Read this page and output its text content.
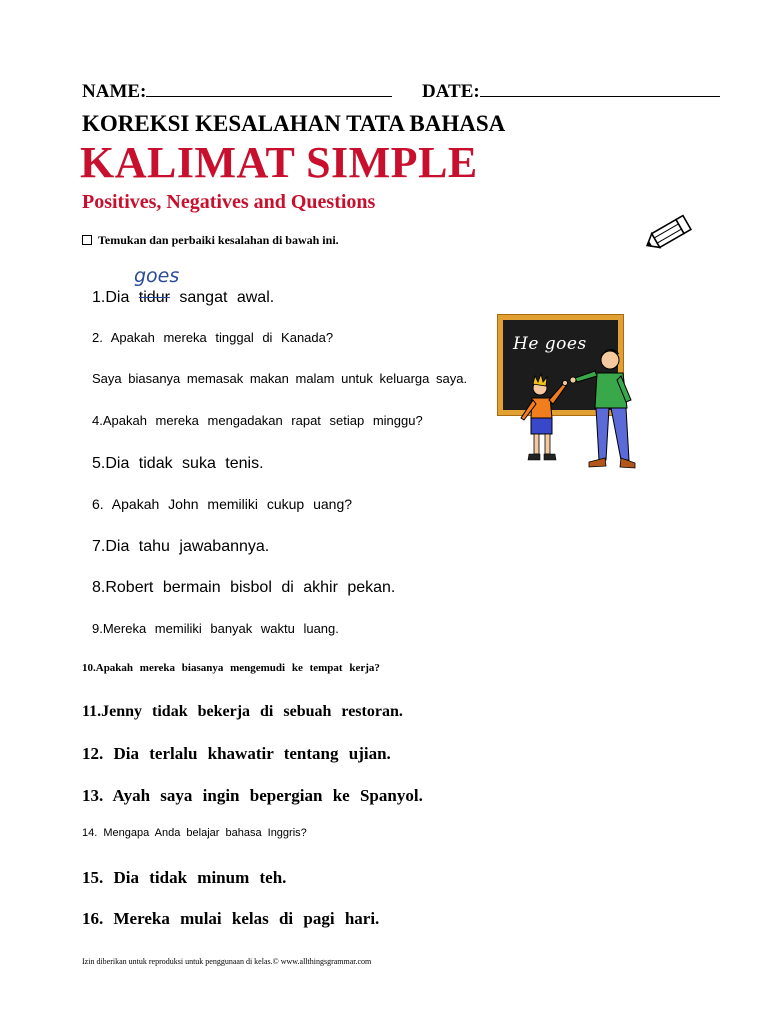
NAME:	DATE:
KOREKSI KESALAHAN TATA BAHASA
KALIMAT SIMPLE
Positives, Negatives and Questions
Temukan dan perbaiki kesalahan di bawah ini.
goes
1.Dia tidur sangat awal.
2. Apakah mereka tinggal di Kanada?
Saya biasanya memasak makan malam untuk keluarga saya.
4.Apakah mereka mengadakan rapat setiap minggu?
5.Dia tidak suka tenis.
6. Apakah John memiliki cukup uang?
7.Dia tahu jawabannya.
8.Robert bermain bisbol di akhir pekan.
9.Mereka memiliki banyak waktu luang.
10.Apakah mereka biasanya mengemudi ke tempat kerja?
11.Jenny tidak bekerja di sebuah restoran.
12. Dia terlalu khawatir tentang ujian.
13. Ayah saya ingin bepergian ke Spanyol.
14. Mengapa Anda belajar bahasa Inggris?
15. Dia tidak minum teh.
16. Mereka mulai kelas di pagi hari.
He goes
Izin diberikan untuk reproduksi untuk penggunaan di kelas.© www.allthingsgrammar.com
